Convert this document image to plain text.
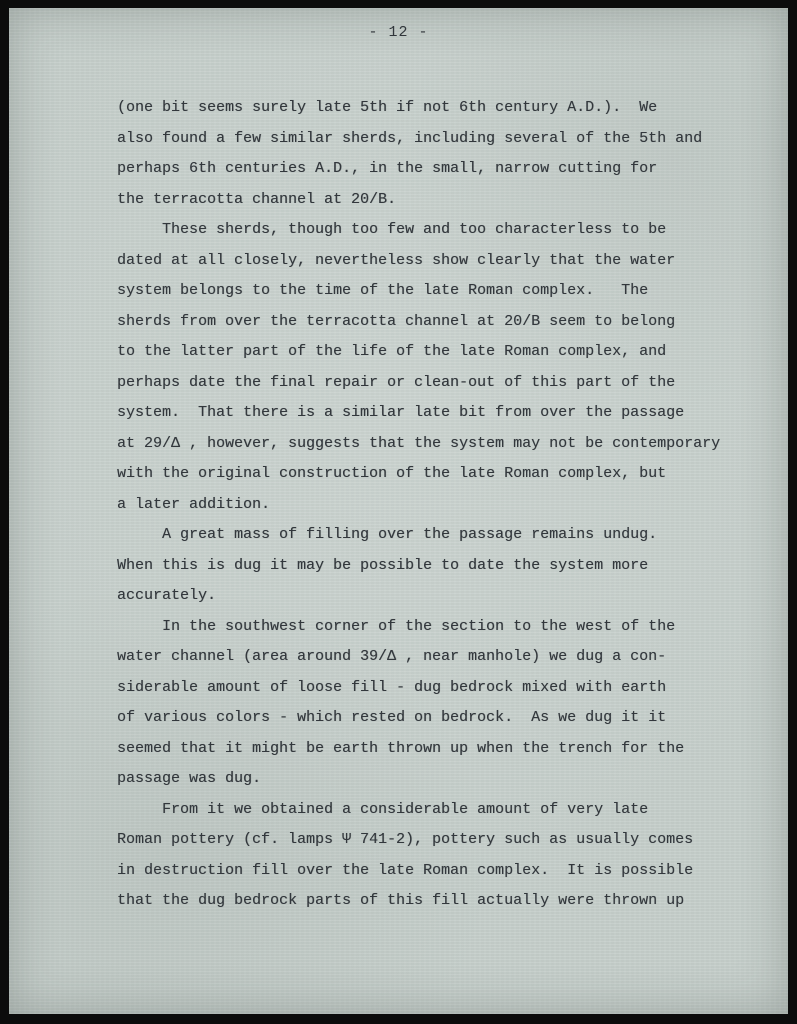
- 12 -
(one bit seems surely late 5th if not 6th century A.D.).  We
also found a few similar sherds, including several of the 5th and
perhaps 6th centuries A.D., in the small, narrow cutting for
the terracotta channel at 20/B.
These sherds, though too few and too characterless to be
dated at all closely, nevertheless show clearly that the water
system belongs to the time of the late Roman complex.   The
sherds from over the terracotta channel at 20/B seem to belong
to the latter part of the life of the late Roman complex, and
perhaps date the final repair or clean-out of this part of the
system.  That there is a similar late bit from over the passage
at 29/Δ , however, suggests that the system may not be contemporary
with the original construction of the late Roman complex, but
a later addition.
A great mass of filling over the passage remains undug.
When this is dug it may be possible to date the system more
accurately.
In the southwest corner of the section to the west of the
water channel (area around 39/Δ , near manhole) we dug a con-
siderable amount of loose fill - dug bedrock mixed with earth
of various colors - which rested on bedrock.  As we dug it it
seemed that it might be earth thrown up when the trench for the
passage was dug.
From it we obtained a considerable amount of very late
Roman pottery (cf. lamps Ψ 741-2), pottery such as usually comes
in destruction fill over the late Roman complex.  It is possible
that the dug bedrock parts of this fill actually were thrown up
